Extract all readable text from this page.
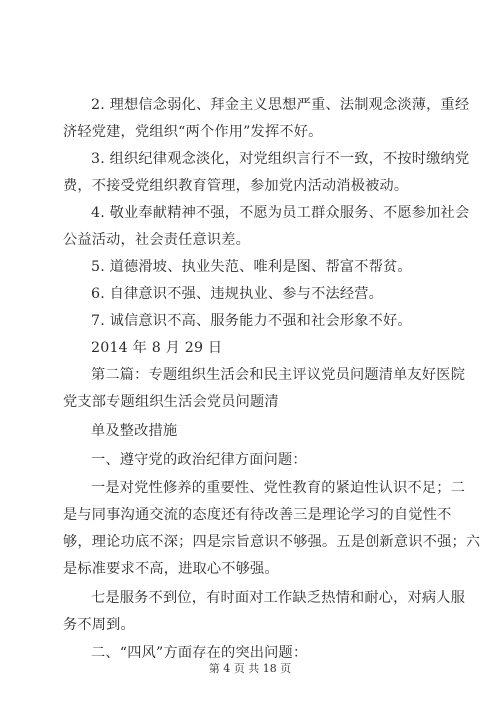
2. 理想信念弱化、拜金主义思想严重、法制观念淡薄，重经
济轻党建，党组织“两个作用”发挥不好。
3. 组织纪律观念淡化，对党组织言行不一致，不按时缴纳党
费，不接受党组织教育管理，参加党内活动消极被动。
4. 敬业奉献精神不强，不愿为员工群众服务、不愿参加社会
公益活动，社会责任意识差。
5. 道德滑坡、执业失范、唯利是图、帮富不帮贫。
6. 自律意识不强、违规执业、参与不法经营。
7. 诚信意识不高、服务能力不强和社会形象不好。
2014 年 8 月 29 日
第二篇：专题组织生活会和民主评议党员问题清单友好医院
党支部专题组织生活会党员问题清
单及整改措施
一、遵守党的政治纪律方面问题：
一是对党性修养的重要性、党性教育的紧迫性认识不足；二
是与同事沟通交流的态度还有待改善三是理论学习的自觉性不
够，理论功底不深；四是宗旨意识不够强。五是创新意识不强；六
是标准要求不高，进取心不够强。
七是服务不到位，有时面对工作缺乏热情和耐心，对病人服
务不周到。
二、“四风”方面存在的突出问题：
第 4 页 共 18 页
